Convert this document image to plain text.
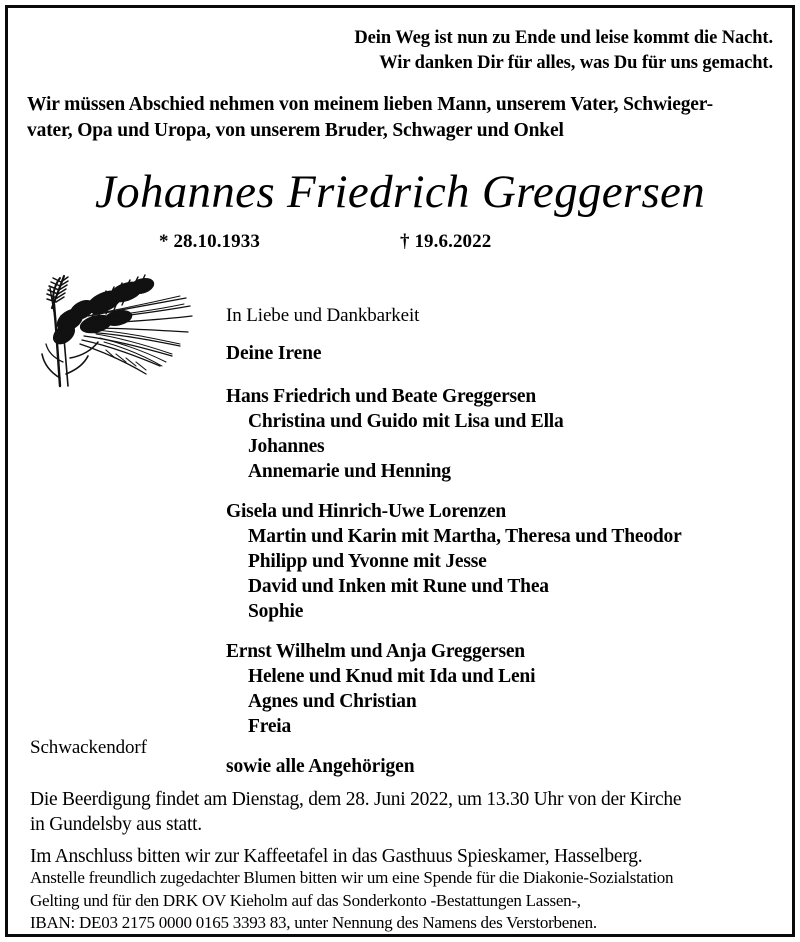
Dein Weg ist nun zu Ende und leise kommt die Nacht.
Wir danken Dir für alles, was Du für uns gemacht.
Wir müssen Abschied nehmen von meinem lieben Mann, unserem Vater, Schwieger-
vater, Opa und Uropa, von unserem Bruder, Schwager und Onkel
Johannes Friedrich Greggersen
* 28.10.1933	† 19.6.2022
In Liebe und Dankbarkeit
Deine Irene
Hans Friedrich und Beate Greggersen
Christina und Guido mit Lisa und Ella
Johannes
Annemarie und Henning
Gisela und Hinrich-Uwe Lorenzen
Martin und Karin mit Martha, Theresa und Theodor
Philipp und Yvonne mit Jesse
David und Inken mit Rune und Thea
Sophie
Ernst Wilhelm und Anja Greggersen
Helene und Knud mit Ida und Leni
Agnes und Christian
Freia
sowie alle Angehörigen
Schwackendorf
Die Beerdigung findet am Dienstag, dem 28. Juni 2022, um 13.30 Uhr von der Kirche
in Gundelsby aus statt.
Im Anschluss bitten wir zur Kaffeetafel in das Gasthuus Spieskamer, Hasselberg.
Anstelle freundlich zugedachter Blumen bitten wir um eine Spende für die Diakonie-Sozialstation
Gelting und für den DRK OV Kieholm auf das Sonderkonto -Bestattungen Lassen-,
IBAN: DE03 2175 0000 0165 3393 83, unter Nennung des Namens des Verstorbenen.
